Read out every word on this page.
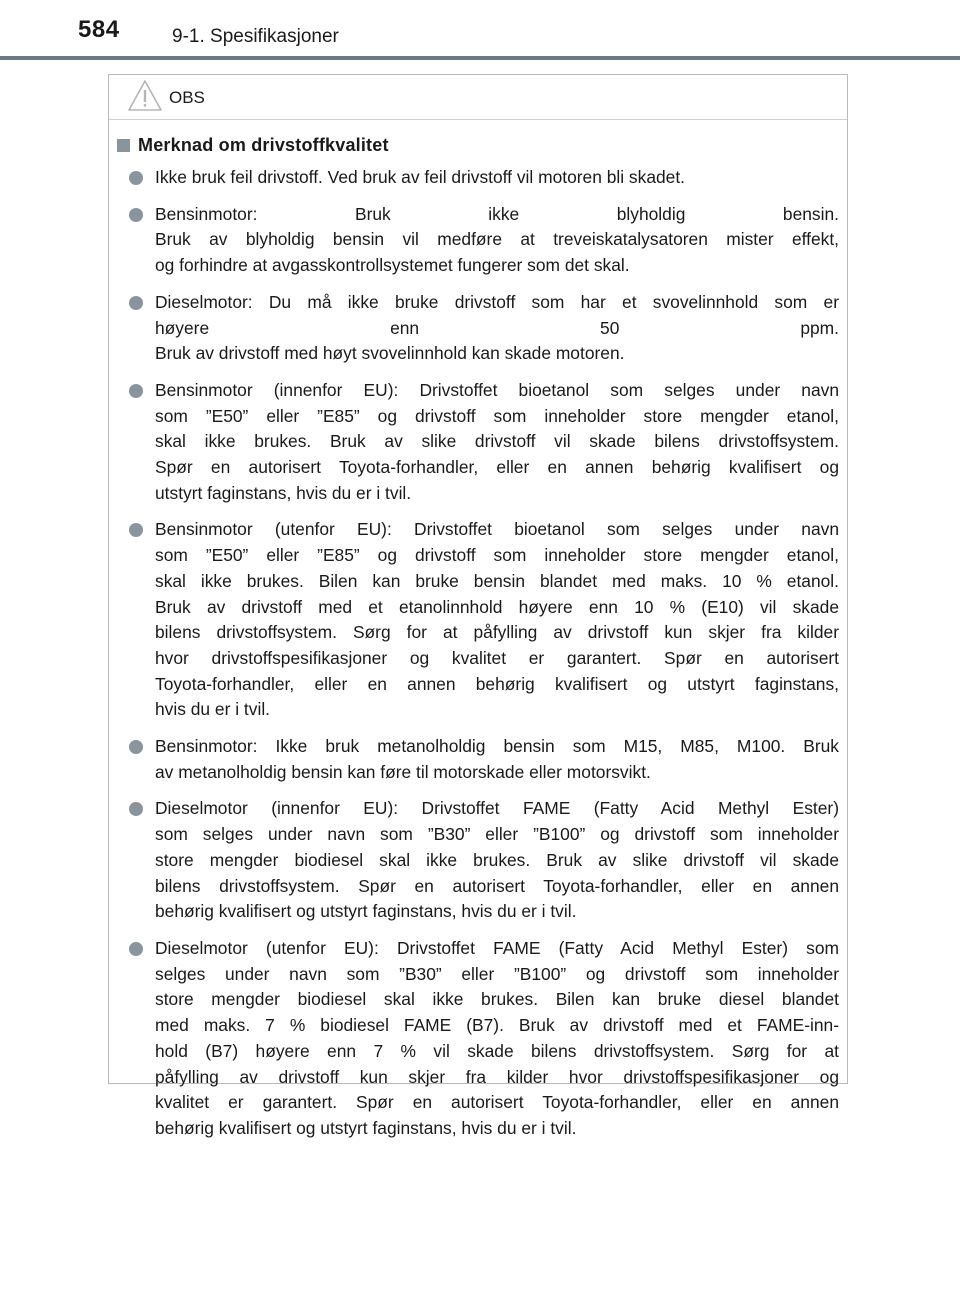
584	9-1. Spesifikasjoner
OBS
Merknad om drivstoffkvalitet
Ikke bruk feil drivstoff. Ved bruk av feil drivstoff vil motoren bli skadet.
Bensinmotor: Bruk ikke blyholdig bensin.
Bruk av blyholdig bensin vil medføre at treveiskatalysatoren mister effekt,
og forhindre at avgasskontrollsystemet fungerer som det skal.
Dieselmotor: Du må ikke bruke drivstoff som har et svovelinnhold som er
høyere enn 50 ppm.
Bruk av drivstoff med høyt svovelinnhold kan skade motoren.
Bensinmotor (innenfor EU): Drivstoffet bioetanol som selges under navn
som ”E50” eller ”E85” og drivstoff som inneholder store mengder etanol,
skal ikke brukes. Bruk av slike drivstoff vil skade bilens drivstoffsystem.
Spør en autorisert Toyota-forhandler, eller en annen behørig kvalifisert og
utstyrt faginstans, hvis du er i tvil.
Bensinmotor (utenfor EU): Drivstoffet bioetanol som selges under navn
som ”E50” eller ”E85” og drivstoff som inneholder store mengder etanol,
skal ikke brukes. Bilen kan bruke bensin blandet med maks. 10 % etanol.
Bruk av drivstoff med et etanolinnhold høyere enn 10 % (E10) vil skade
bilens drivstoffsystem. Sørg for at påfylling av drivstoff kun skjer fra kilder
hvor drivstoffspesifikasjoner og kvalitet er garantert. Spør en autorisert
Toyota-forhandler, eller en annen behørig kvalifisert og utstyrt faginstans,
hvis du er i tvil.
Bensinmotor: Ikke bruk metanolholdig bensin som M15, M85, M100. Bruk
av metanolholdig bensin kan føre til motorskade eller motorsvikt.
Dieselmotor (innenfor EU): Drivstoffet FAME (Fatty Acid Methyl Ester)
som selges under navn som ”B30” eller ”B100” og drivstoff som inneholder
store mengder biodiesel skal ikke brukes. Bruk av slike drivstoff vil skade
bilens drivstoffsystem. Spør en autorisert Toyota-forhandler, eller en annen
behørig kvalifisert og utstyrt faginstans, hvis du er i tvil.
Dieselmotor (utenfor EU): Drivstoffet FAME (Fatty Acid Methyl Ester) som
selges under navn som ”B30” eller ”B100” og drivstoff som inneholder
store mengder biodiesel skal ikke brukes. Bilen kan bruke diesel blandet
med maks. 7 % biodiesel FAME (B7). Bruk av drivstoff med et FAME-inn-
hold (B7) høyere enn 7 % vil skade bilens drivstoffsystem. Sørg for at
påfylling av drivstoff kun skjer fra kilder hvor drivstoffspesifikasjoner og
kvalitet er garantert. Spør en autorisert Toyota-forhandler, eller en annen
behørig kvalifisert og utstyrt faginstans, hvis du er i tvil.
